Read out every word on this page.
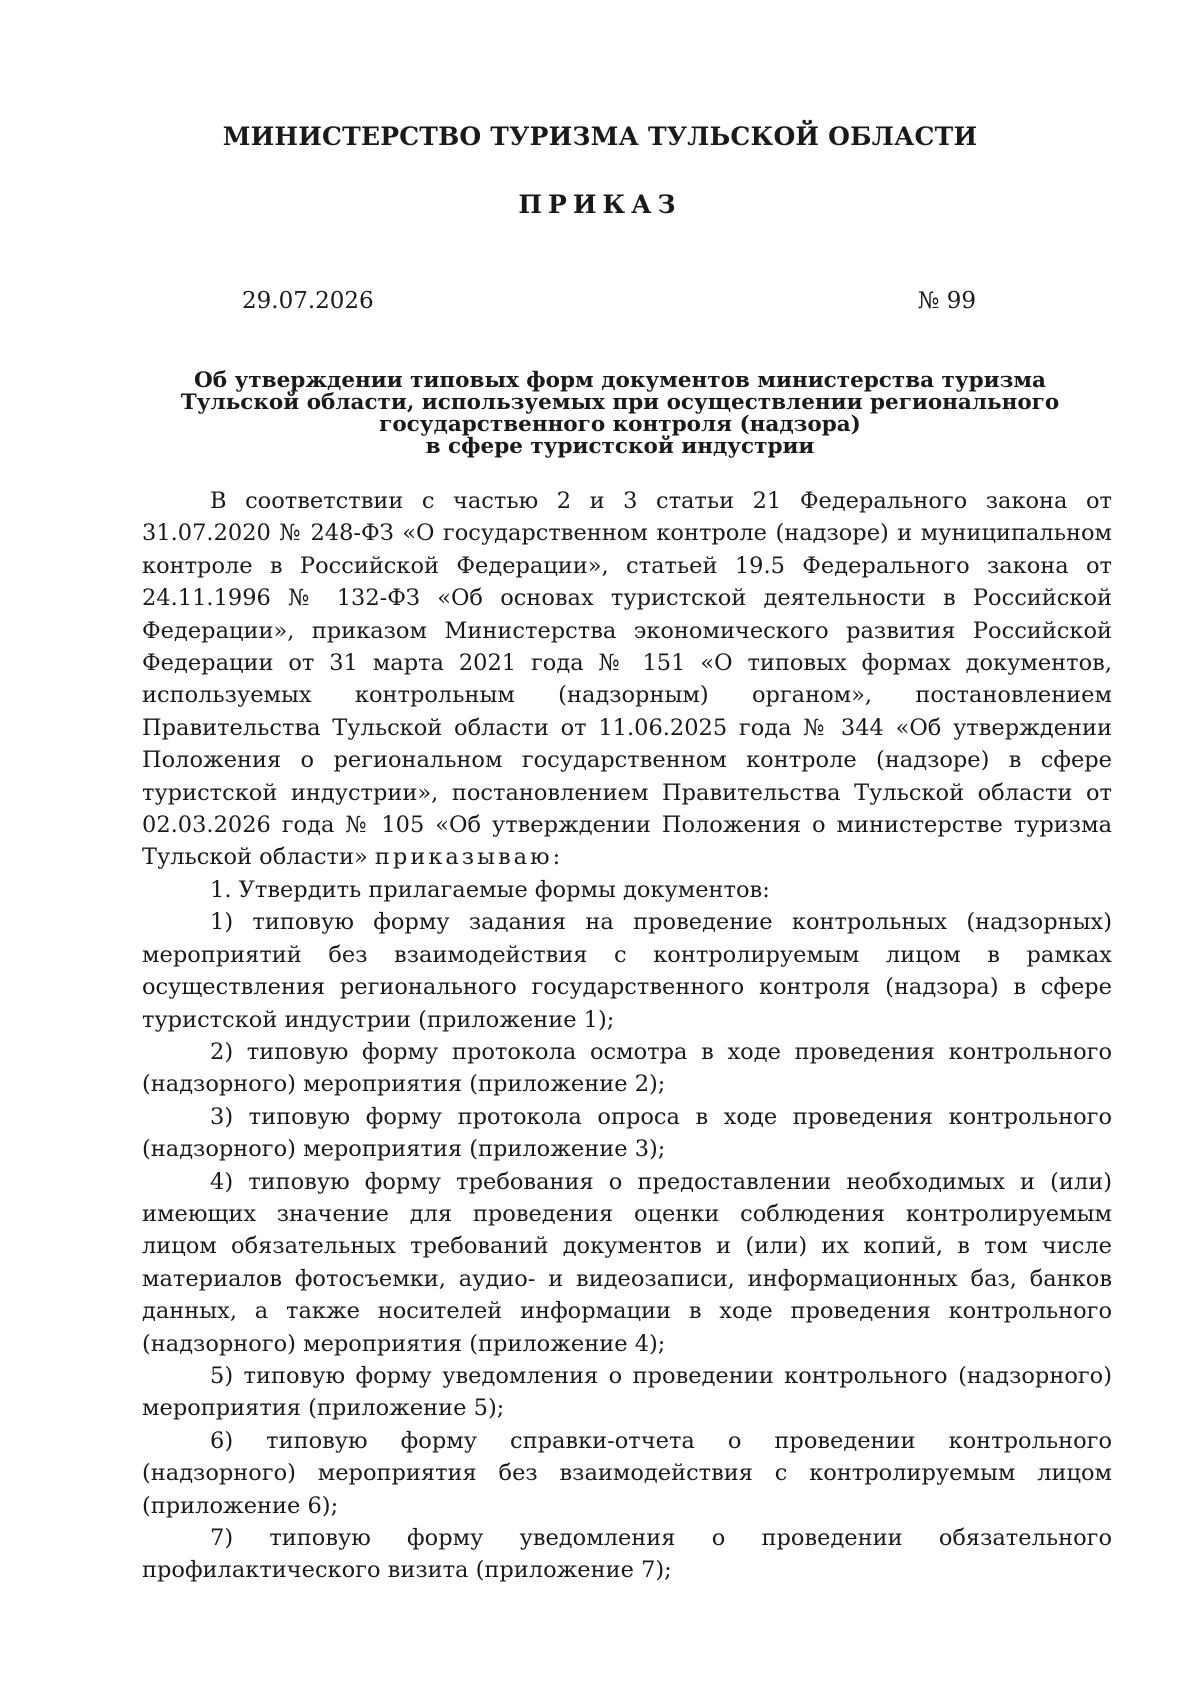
МИНИСТЕРСТВО ТУРИЗМА ТУЛЬСКОЙ ОБЛАСТИ
ПРИКАЗ
29.07.2026	№ 99
Об утверждении типовых форм документов министерства туризма
Тульской области, используемых при осуществлении регионального
государственного контроля (надзора)
в сфере туристской индустрии

В соответствии с частью 2 и 3 статьи 21 Федерального закона от 31.07.2020 № 248-ФЗ «О государственном контроле (надзоре) и муниципальном контроле в Российской Федерации», статьей 19.5 Федерального закона от 24.11.1996 № 132-ФЗ «Об основах туристской деятельности в Российской Федерации», приказом Министерства экономического развития Российской Федерации от 31 марта 2021 года № 151 «О типовых формах документов, используемых контрольным (надзорным) органом», постановлением Правительства Тульской области от 11.06.2025 года № 344 «Об утверждении Положения о региональном государственном контроле (надзоре) в сфере туристской индустрии», постановлением Правительства Тульской области от 02.03.2026 года № 105 «Об утверждении Положения о министерстве туризма Тульской области» приказываю:

1. Утвердить прилагаемые формы документов:

1) типовую форму задания на проведение контрольных (надзорных) мероприятий без взаимодействия с контролируемым лицом в рамках осуществления регионального государственного контроля (надзора) в сфере туристской индустрии (приложение 1);

2) типовую форму протокола осмотра в ходе проведения контрольного (надзорного) мероприятия (приложение 2);

3) типовую форму протокола опроса в ходе проведения контрольного (надзорного) мероприятия (приложение 3);

4) типовую форму требования о предоставлении необходимых и (или) имеющих значение для проведения оценки соблюдения контролируемым лицом обязательных требований документов и (или) их копий, в том числе материалов фотосъемки, аудио- и видеозаписи, информационных баз, банков данных, а также носителей информации в ходе проведения контрольного (надзорного) мероприятия (приложение 4);

5) типовую форму уведомления о проведении контрольного (надзорного) мероприятия (приложение 5);

6) типовую форму справки-отчета о проведении контрольного (надзорного) мероприятия без взаимодействия с контролируемым лицом (приложение 6);

7) типовую форму уведомления о проведении обязательного профилактического визита (приложение 7);
